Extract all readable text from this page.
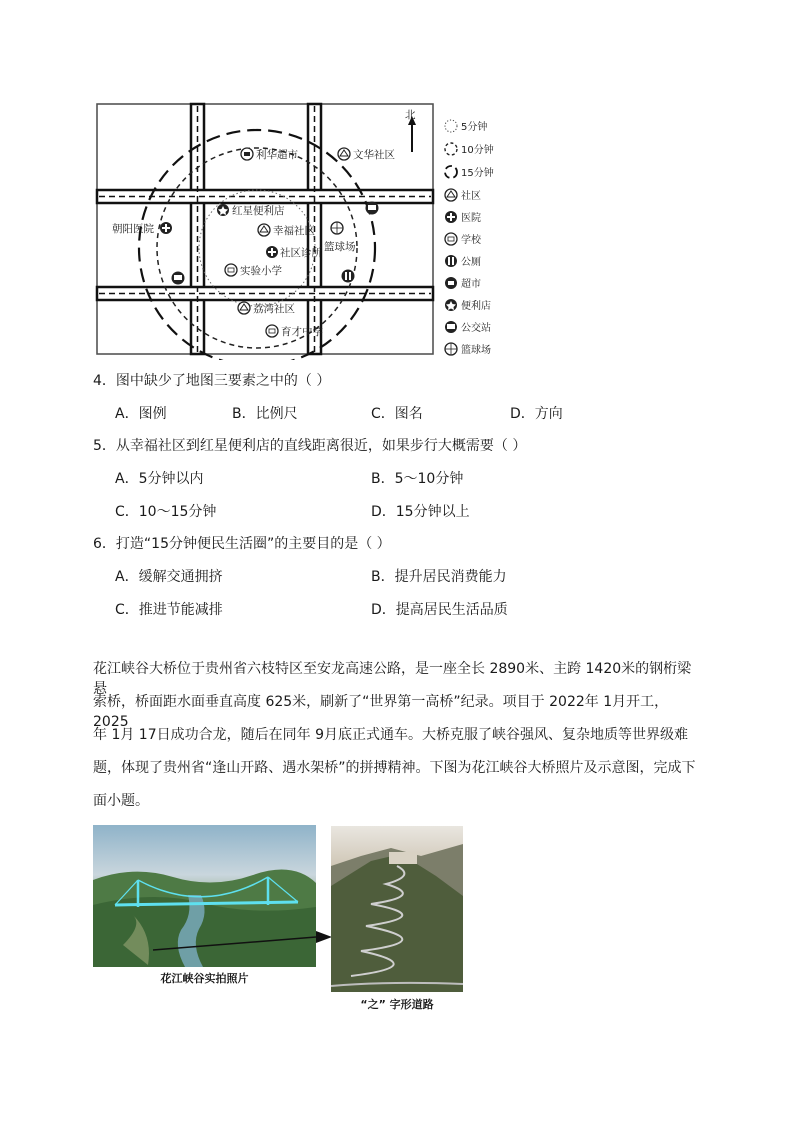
北
利华超市	文华社区
红星便利店
幸福社区
社区诊所
朝阳医院
篮球场
实验小学
荔湾社区
育才中学
5分钟
10分钟
15分钟
社区
医院
学校
公厕
超市
便利店
公交站
篮球场
4．图中缺少了地图三要素之中的（ ）
A．图例	B．比例尺	C．图名	D．方向
5．从幸福社区到红星便利店的直线距离很近，如果步行大概需要（ ）
A．5分钟以内	B．5～10分钟
C．10～15分钟	D．15分钟以上
6．打造“15分钟便民生活圈”的主要目的是（ ）
A．缓解交通拥挤	B．提升居民消费能力
C．推进节能减排	D．提高居民生活品质
花江峡谷大桥位于贵州省六枝特区至安龙高速公路，是一座全长 2890米、主跨 1420米的钢桁梁悬
索桥，桥面距水面垂直高度 625米，刷新了“世界第一高桥”纪录。项目于 2022年 1月开工，2025
年 1月 17日成功合龙，随后在同年 9月底正式通车。大桥克服了峡谷强风、复杂地质等世界级难
题，体现了贵州省“逢山开路、遇水架桥”的拼搏精神。下图为花江峡谷大桥照片及示意图，完成下
面小题。
花江峡谷实拍照片
“之” 字形道路
